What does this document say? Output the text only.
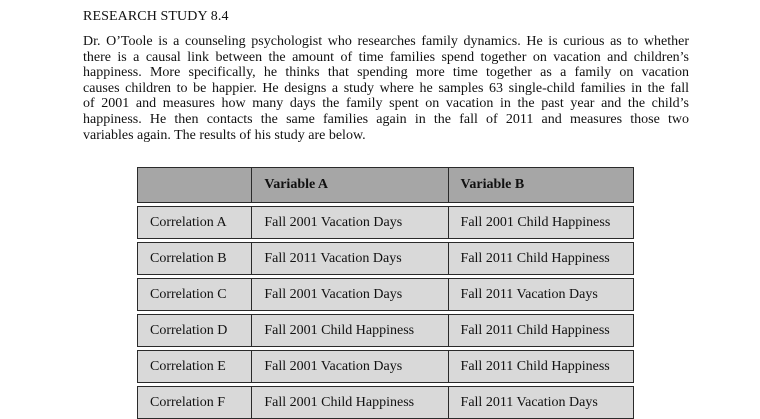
RESEARCH STUDY 8.4
Dr. O’Toole is a counseling psychologist who researches family dynamics. He is curious as to whether
there is a causal link between the amount of time families spend together on vacation and children’s
happiness. More specifically, he thinks that spending more time together as a family on vacation
causes children to be happier. He designs a study where he samples 63 single-child families in the fall
of 2001 and measures how many days the family spent on vacation in the past year and the child’s
happiness. He then contacts the same families again in the fall of 2011 and measures those two
variables again. The results of his study are below.
	Variable A	Variable B

Correlation A	Fall 2001 Vacation Days	Fall 2001 Child Happiness

Correlation B	Fall 2011 Vacation Days	Fall 2011 Child Happiness

Correlation C	Fall 2001 Vacation Days	Fall 2011 Vacation Days

Correlation D	Fall 2001 Child Happiness	Fall 2011 Child Happiness

Correlation E	Fall 2001 Vacation Days	Fall 2011 Child Happiness

Correlation F	Fall 2001 Child Happiness	Fall 2011 Vacation Days
